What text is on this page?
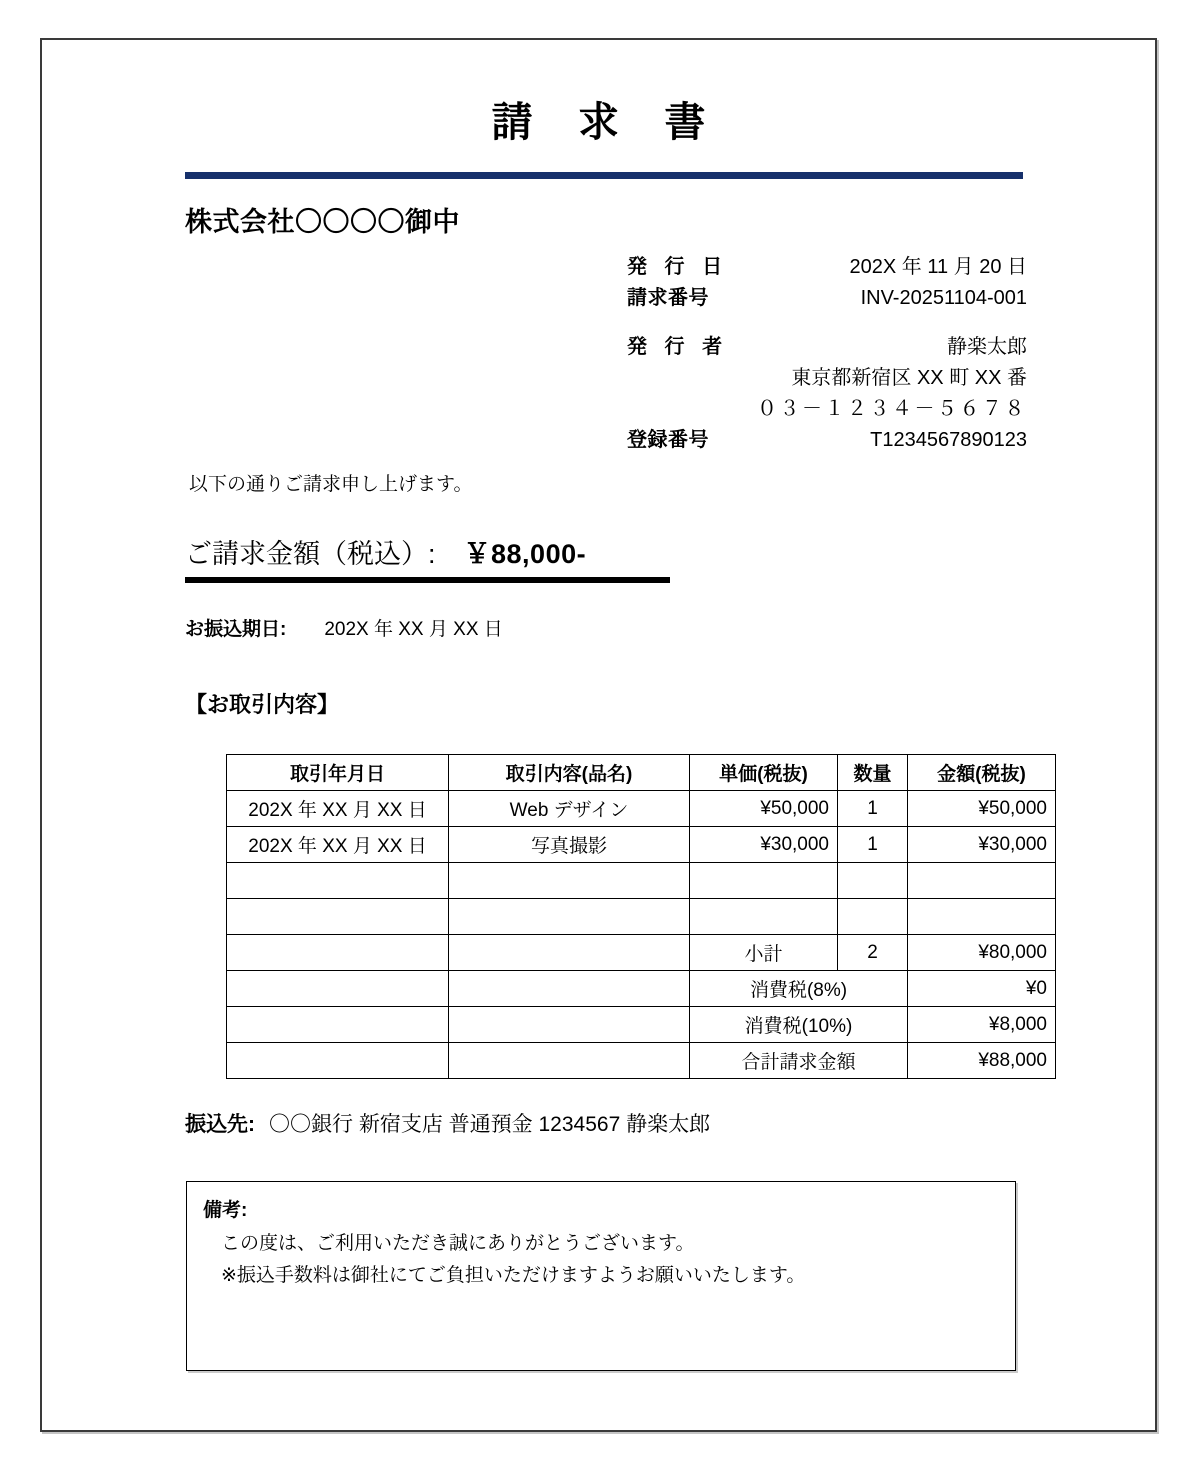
請 求 書
株式会社〇〇〇〇御中
発 行 日	202X 年 11 月 20 日
請求番号	INV-20251104-001
発 行 者	静楽太郎
東京都新宿区 XX 町 XX 番
０３－１２３４－５６７８
登録番号	T1234567890123
以下の通りご請求申し上げます。
ご請求金額（税込）: ￥88,000-
お振込期日: 202X 年 XX 月 XX 日
【お取引内容】
取引年月日	取引内容(品名)	単価(税抜)	数量	金額(税抜)
202X 年 XX 月 XX 日	Web デザイン	¥50,000	1	¥50,000
202X 年 XX 月 XX 日	写真撮影	¥30,000	1	¥30,000

		小計	2	¥80,000
		消費税(8%)		¥0
		消費税(10%)		¥8,000
		合計請求金額		¥88,000
振込先: 〇〇銀行 新宿支店 普通預金 1234567 静楽太郎
備考:
この度は、ご利用いただき誠にありがとうございます。
※振込手数料は御社にてご負担いただけますようお願いいたします。
